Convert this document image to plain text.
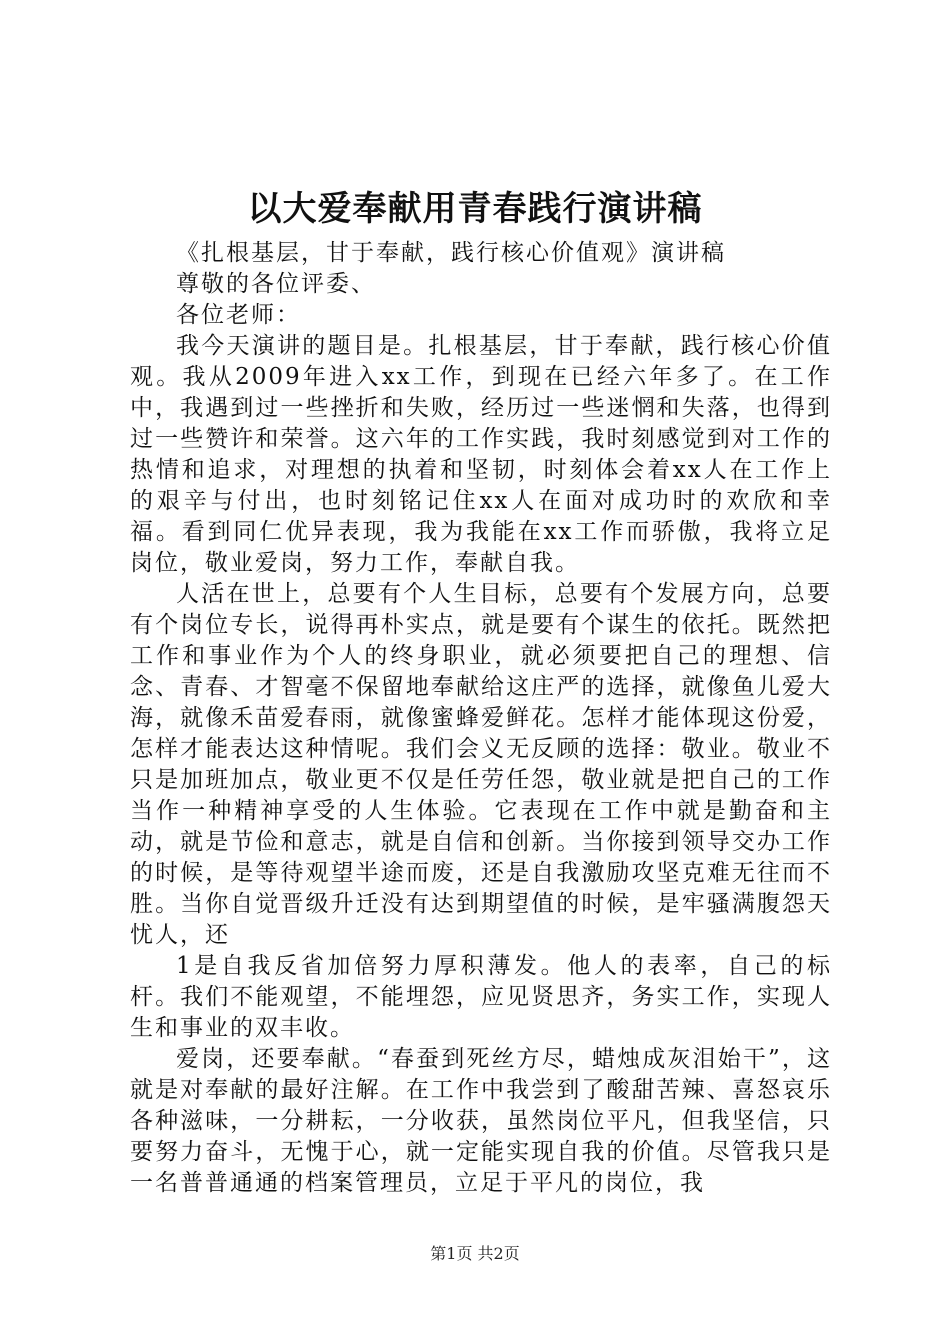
以大爱奉献用青春践行演讲稿

《扎根基层，甘于奉献，践行核心价值观》演讲稿

尊敬的各位评委、

各位老师：

我今天演讲的题目是。扎根基层，甘于奉献，践行核心价值观。我从2009年进入xx工作，到现在已经六年多了。在工作中，我遇到过一些挫折和失败，经历过一些迷惘和失落，也得到过一些赞许和荣誉。这六年的工作实践，我时刻感觉到对工作的热情和追求，对理想的执着和坚韧，时刻体会着xx人在工作上的艰辛与付出，也时刻铭记住xx人在面对成功时的欢欣和幸福。看到同仁优异表现，我为我能在xx工作而骄傲，我将立足岗位，敬业爱岗，努力工作，奉献自我。

人活在世上，总要有个人生目标，总要有个发展方向，总要有个岗位专长，说得再朴实点，就是要有个谋生的依托。既然把工作和事业作为个人的终身职业，就必须要把自己的理想、信念、青春、才智毫不保留地奉献给这庄严的选择，就像鱼儿爱大海，就像禾苗爱春雨，就像蜜蜂爱鲜花。怎样才能体现这份爱，怎样才能表达这种情呢。我们会义无反顾的选择：敬业。敬业不只是加班加点，敬业更不仅是任劳任怨，敬业就是把自己的工作当作一种精神享受的人生体验。它表现在工作中就是勤奋和主动，就是节俭和意志，就是自信和创新。当你接到领导交办工作的时候，是等待观望半途而废，还是自我激励攻坚克难无往而不胜。当你自觉晋级升迁没有达到期望值的时候，是牢骚满腹怨天忧人，还

1是自我反省加倍努力厚积薄发。他人的表率，自己的标杆。我们不能观望，不能埋怨，应见贤思齐，务实工作，实现人生和事业的双丰收。

爱岗，还要奉献。“春蚕到死丝方尽，蜡烛成灰泪始干”，这就是对奉献的最好注解。在工作中我尝到了酸甜苦辣、喜怒哀乐各种滋味，一分耕耘，一分收获，虽然岗位平凡，但我坚信，只要努力奋斗，无愧于心，就一定能实现自我的价值。尽管我只是一名普普通通的档案管理员，立足于平凡的岗位，我

第1页 共2页
